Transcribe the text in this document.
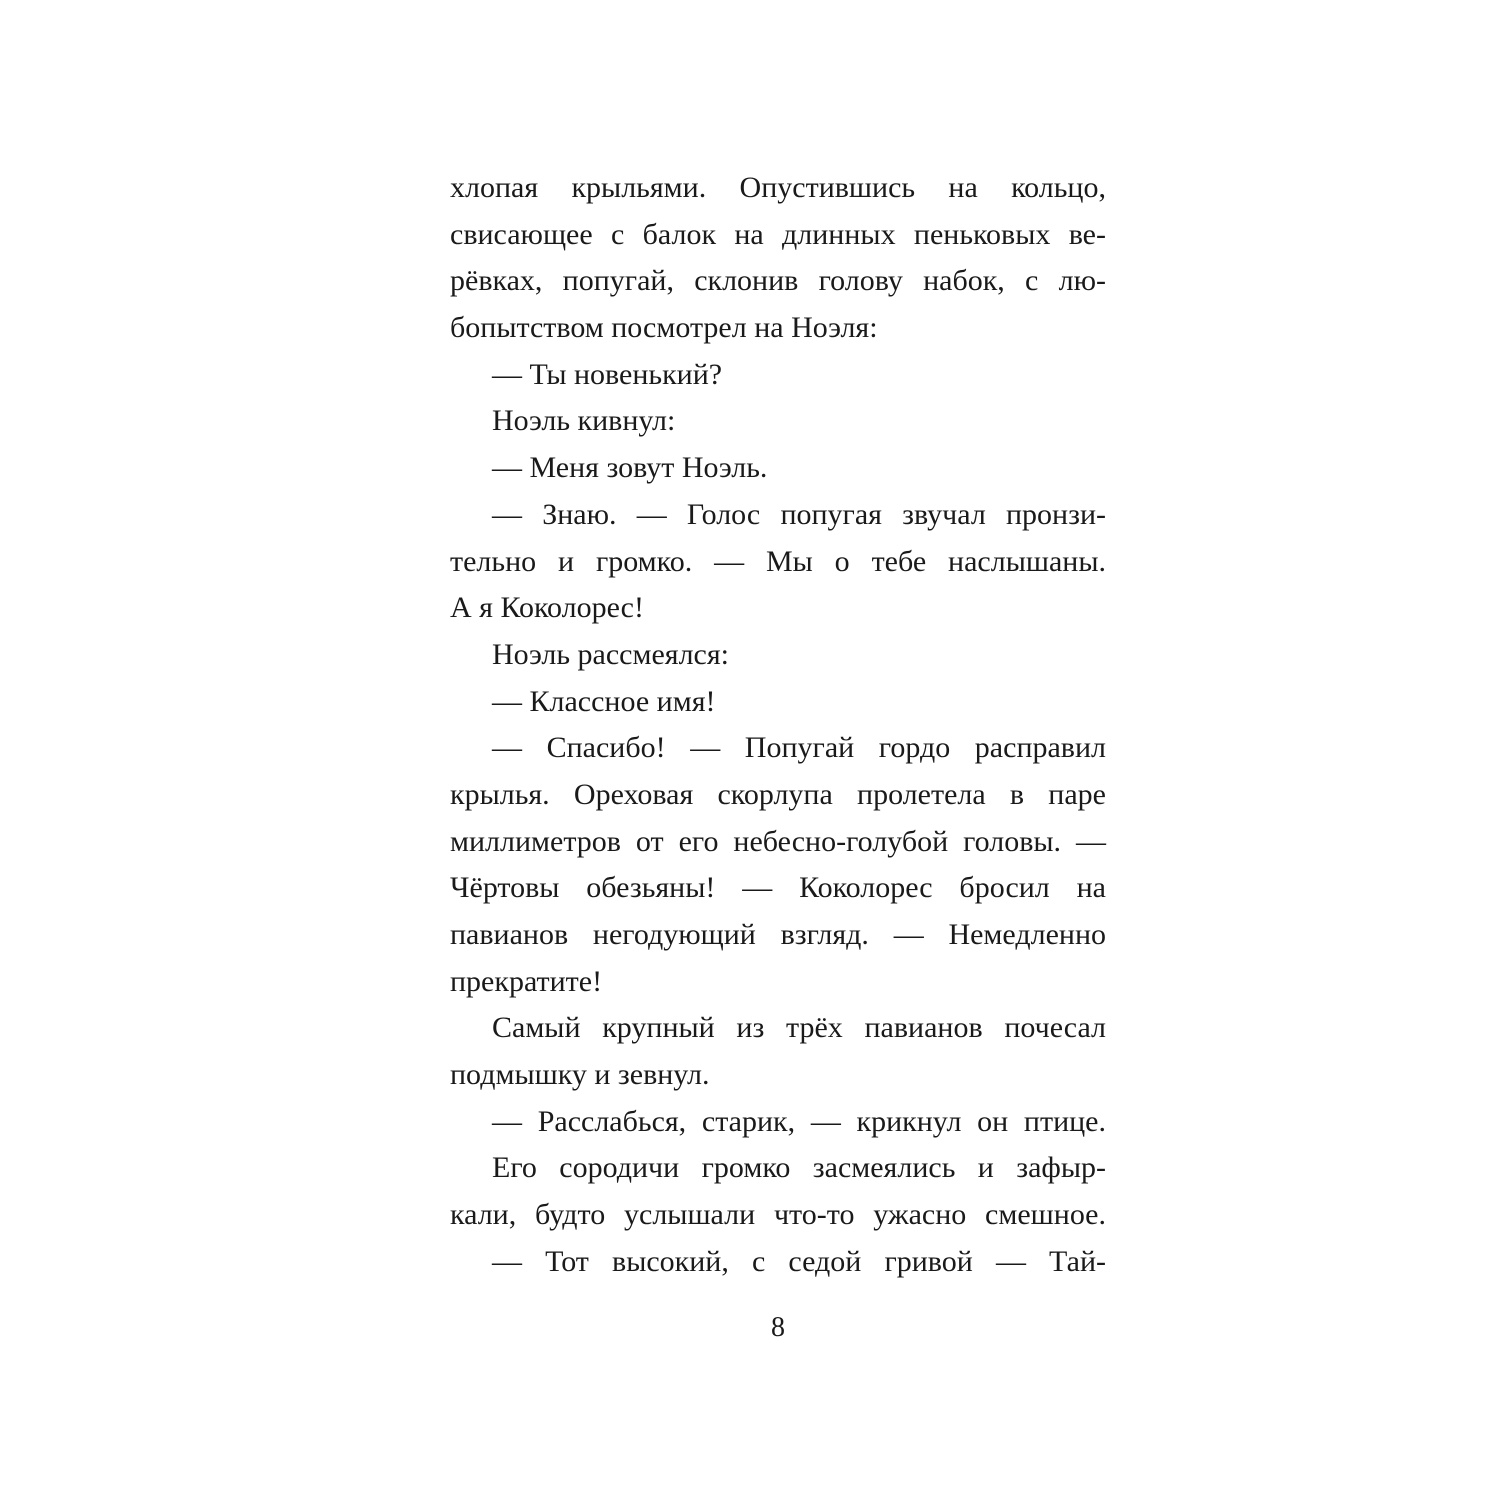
хлопая крыльями. Опустившись на кольцо,
свисающее с балок на длинных пеньковых ве-
рёвках, попугай, склонив голову набок, с лю-
бопытством посмотрел на Ноэля:
— Ты новенький?
Ноэль кивнул:
— Меня зовут Ноэль.
— Знаю. — Голос попугая звучал пронзи-
тельно и громко. — Мы о тебе наслышаны.
А я Коколорес!
Ноэль рассмеялся:
— Классное имя!
— Спасибо! — Попугай гордо расправил
крылья. Ореховая скорлупа пролетела в паре
миллиметров от его небесно-голубой головы. —
Чёртовы обезьяны! — Коколорес бросил на
павианов негодующий взгляд. — Немедленно
прекратите!
Самый крупный из трёх павианов почесал
подмышку и зевнул.
— Расслабься, старик, — крикнул он птице.
Его сородичи громко засмеялись и зафыр-
кали, будто услышали что-то ужасно смешное.
— Тот высокий, с седой гривой — Тай-
8
